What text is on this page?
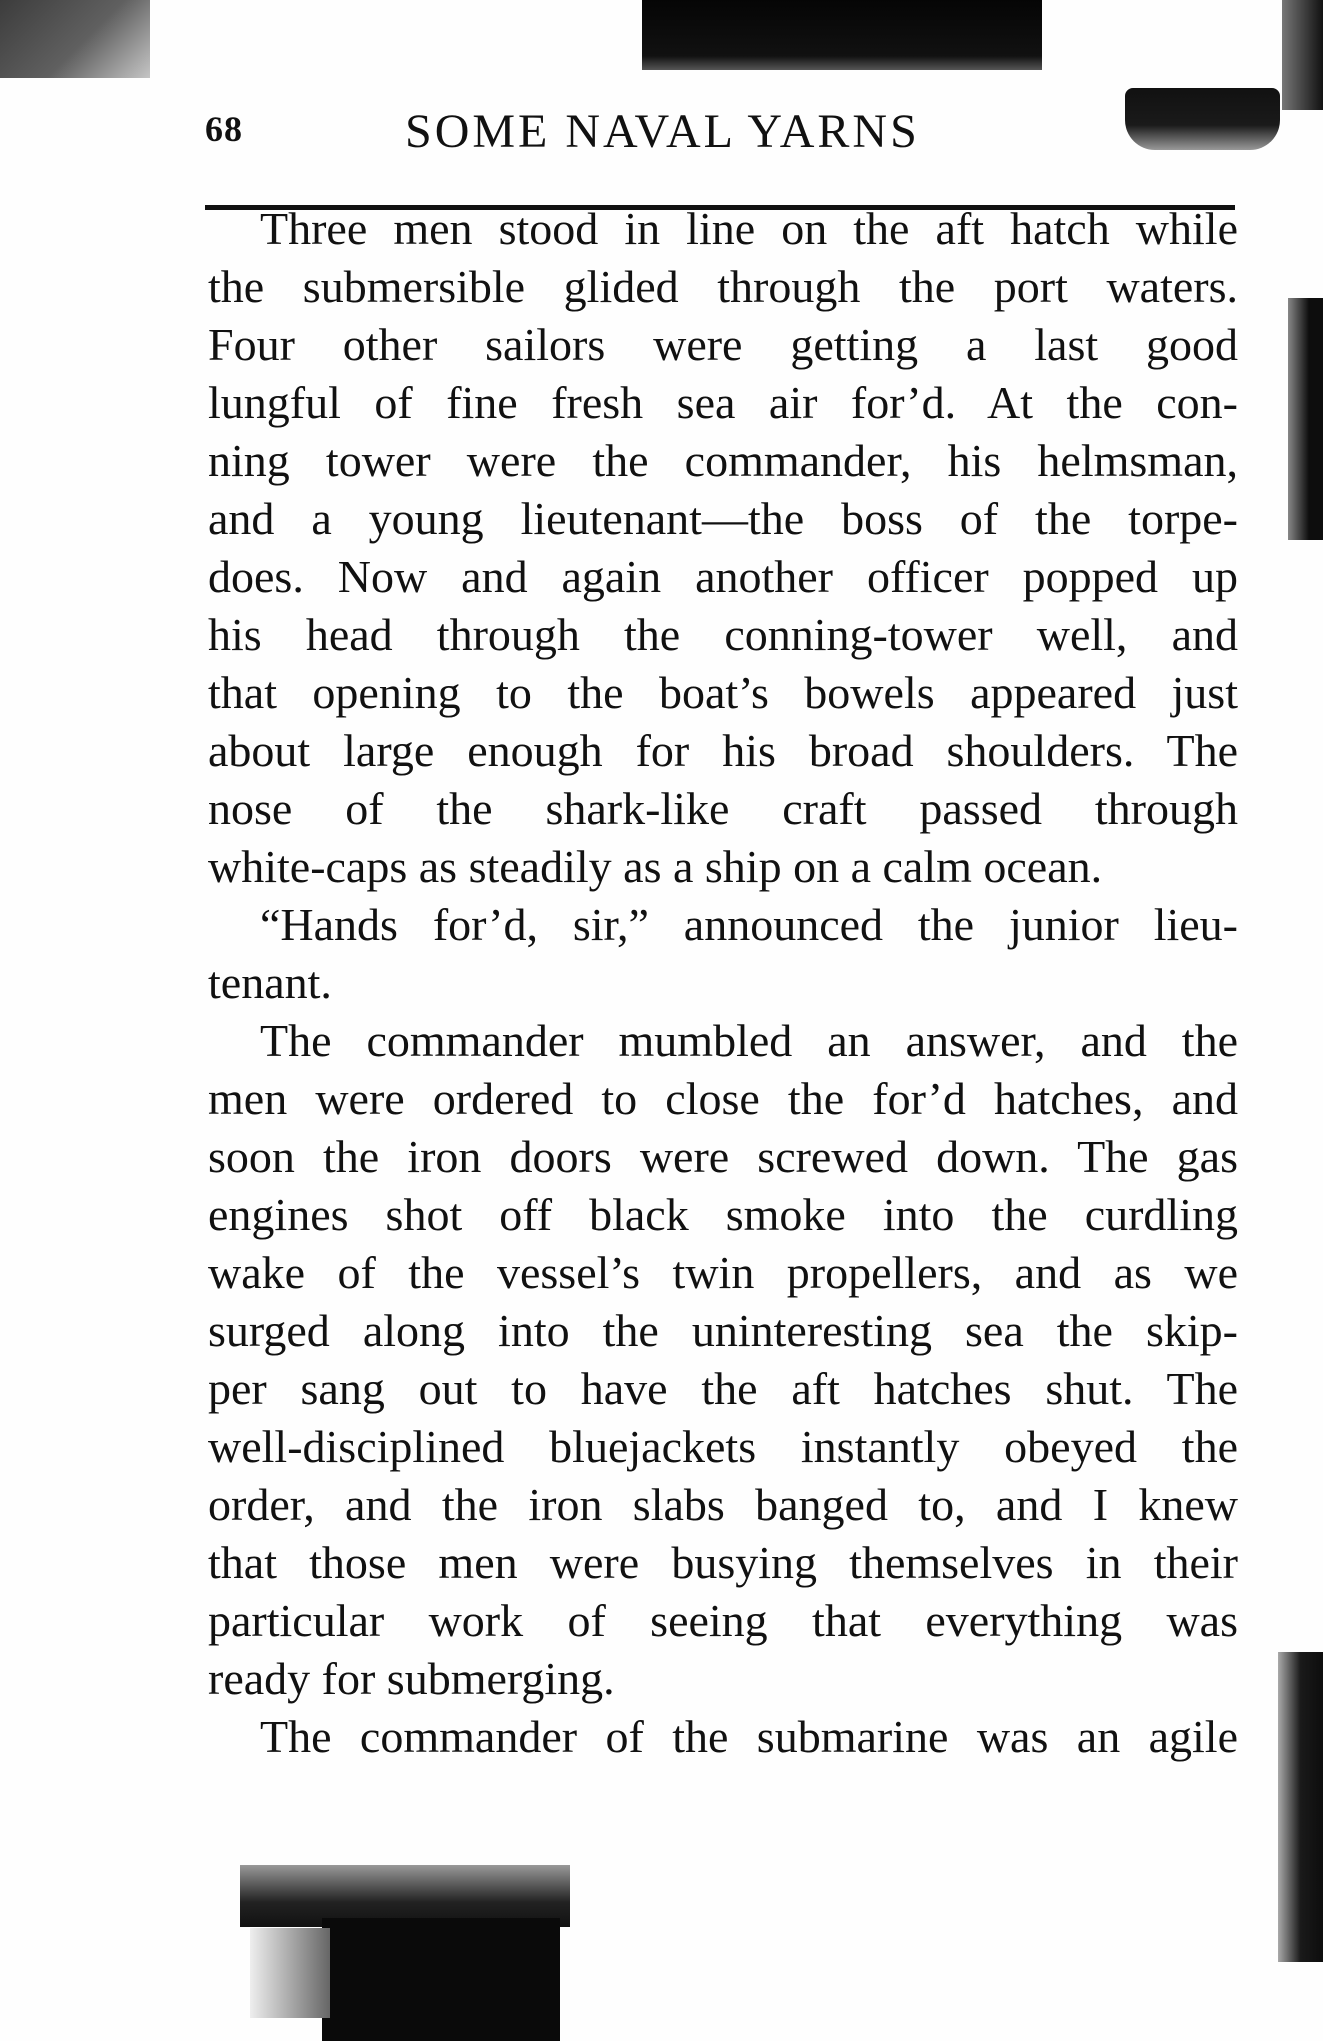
68	SOME NAVAL YARNS
Three men stood in line on the aft hatch while
the submersible glided through the port waters.
Four other sailors were getting a last good
lungful of fine fresh sea air for’d. At the con-
ning tower were the commander, his helmsman,
and a young lieutenant—the boss of the torpe-
does. Now and again another officer popped up
his head through the conning-tower well, and
that opening to the boat’s bowels appeared just
about large enough for his broad shoulders. The
nose of the shark-like craft passed through
white-caps as steadily as a ship on a calm ocean.
“Hands for’d, sir,” announced the junior lieu-
tenant.
The commander mumbled an answer, and the
men were ordered to close the for’d hatches, and
soon the iron doors were screwed down. The gas
engines shot off black smoke into the curdling
wake of the vessel’s twin propellers, and as we
surged along into the uninteresting sea the skip-
per sang out to have the aft hatches shut. The
well-disciplined bluejackets instantly obeyed the
order, and the iron slabs banged to, and I knew
that those men were busying themselves in their
particular work of seeing that everything was
ready for submerging.
The commander of the submarine was an agile
